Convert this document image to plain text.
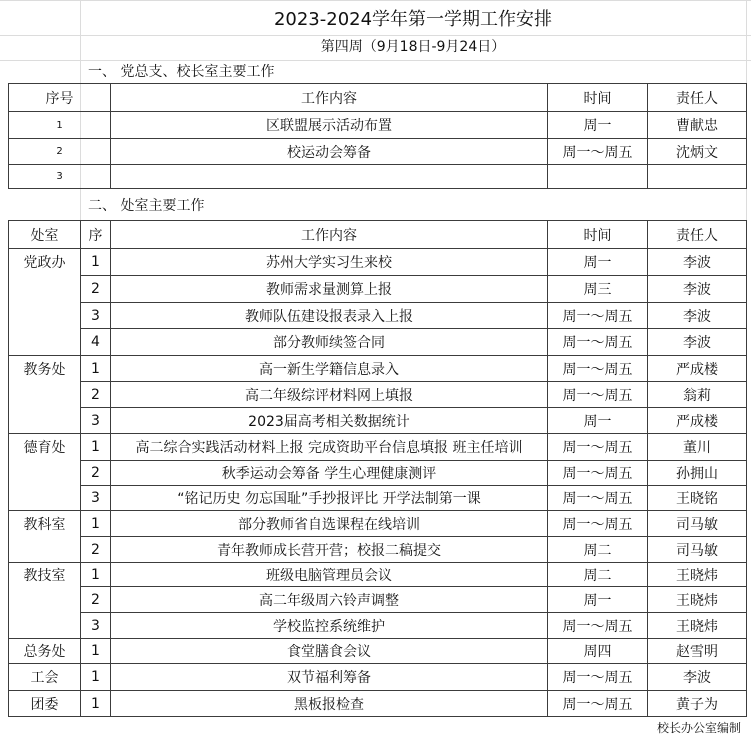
2023-2024学年第一学期工作安排
第四周（9月18日-9月24日）
一、 党总支、校长室主要工作
序号	工作内容	时间	责任人
1	区联盟展示活动布置	周一	曹献忠
2	校运动会筹备	周一～周五	沈炳文
3			
二、 处室主要工作
处室	序	工作内容	时间	责任人
党政办	1	苏州大学实习生来校	周一	李波
	2	教师需求量测算上报	周三	李波
	3	教师队伍建设报表录入上报	周一～周五	李波
	4	部分教师续签合同	周一～周五	李波
教务处	1	高一新生学籍信息录入	周一～周五	严成楼
	2	高二年级综评材料网上填报	周一～周五	翁莉
	3	2023届高考相关数据统计	周一	严成楼
德育处	1	高二综合实践活动材料上报 完成资助平台信息填报 班主任培训	周一～周五	董川
	2	秋季运动会筹备 学生心理健康测评	周一～周五	孙拥山
	3	“铭记历史 勿忘国耻”手抄报评比 开学法制第一课	周一～周五	王晓铭
教科室	1	部分教师省自选课程在线培训	周一～周五	司马敏
	2	青年教师成长营开营；校报二稿提交	周二	司马敏
教技室	1	班级电脑管理员会议	周二	王晓炜
	2	高二年级周六铃声调整	周一	王晓炜
	3	学校监控系统维护	周一～周五	王晓炜
总务处	1	食堂膳食会议	周四	赵雪明
工会	1	双节福利筹备	周一～周五	李波
团委	1	黑板报检查	周一～周五	黄子为
校长办公室编制
